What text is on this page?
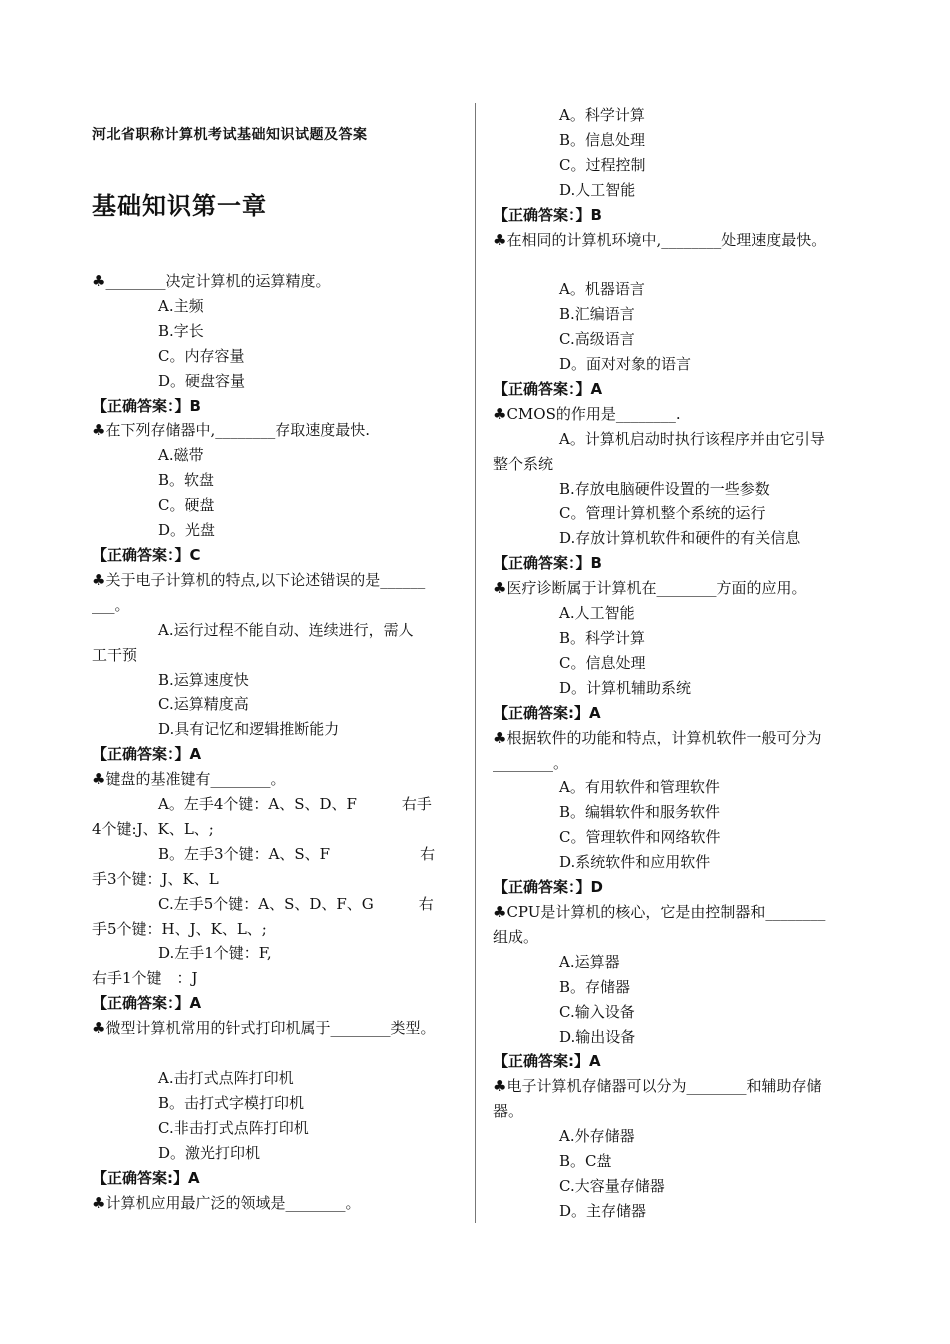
河北省职称计算机考试基础知识试题及答案
基础知识第一章
♣________决定计算机的运算精度。
A.主频
B.字长
C。内存容量
D。硬盘容量
【正确答案：】B
♣在下列存储器中,________存取速度最快.
A.磁带
B。软盘
C。硬盘
D。光盘
【正确答案：】C
♣关于电子计算机的特点,以下论述错误的是______
___。
A.运行过程不能自动、连续进行，需人
工干预
B.运算速度快
C.运算精度高
D.具有记忆和逻辑推断能力
【正确答案：】A
♣键盘的基准键有________。
A。左手4个键：A、S、D、F　　　右手
4个键:J、K、L、;
B。左手3个键：A、S、F　　　　　　右
手3个键：J、K、L
C.左手5个键：A、S、D、F、G　　　右
手5个键：H、J、K、L、;
D.左手1个键：F,
右手1个键　：J
【正确答案：】A
♣微型计算机常用的针式打印机属于________类型。
A.击打式点阵打印机
B。击打式字模打印机
C.非击打式点阵打印机
D。激光打印机
【正确答案:】A
♣计算机应用最广泛的领域是________。
A。科学计算
B。信息处理
C。过程控制
D.人工智能
【正确答案：】B
♣在相同的计算机环境中,________处理速度最快。
A。机器语言
B.汇编语言
C.高级语言
D。面对对象的语言
【正确答案：】A
♣CMOS的作用是________.
A。计算机启动时执行该程序并由它引导
整个系统
B.存放电脑硬件设置的一些参数
C。管理计算机整个系统的运行
D.存放计算机软件和硬件的有关信息
【正确答案：】B
♣医疗诊断属于计算机在________方面的应用。
A.人工智能
B。科学计算
C。信息处理
D。计算机辅助系统
【正确答案:】A
♣根据软件的功能和特点，计算机软件一般可分为
________。
A。有用软件和管理软件
B。编辑软件和服务软件
C。管理软件和网络软件
D.系统软件和应用软件
【正确答案：】D
♣CPU是计算机的核心，它是由控制器和________
组成。
A.运算器
B。存储器
C.输入设备
D.输出设备
【正确答案:】A
♣电子计算机存储器可以分为________和辅助存储
器。
A.外存储器
B。C盘
C.大容量存储器
D。主存储器
